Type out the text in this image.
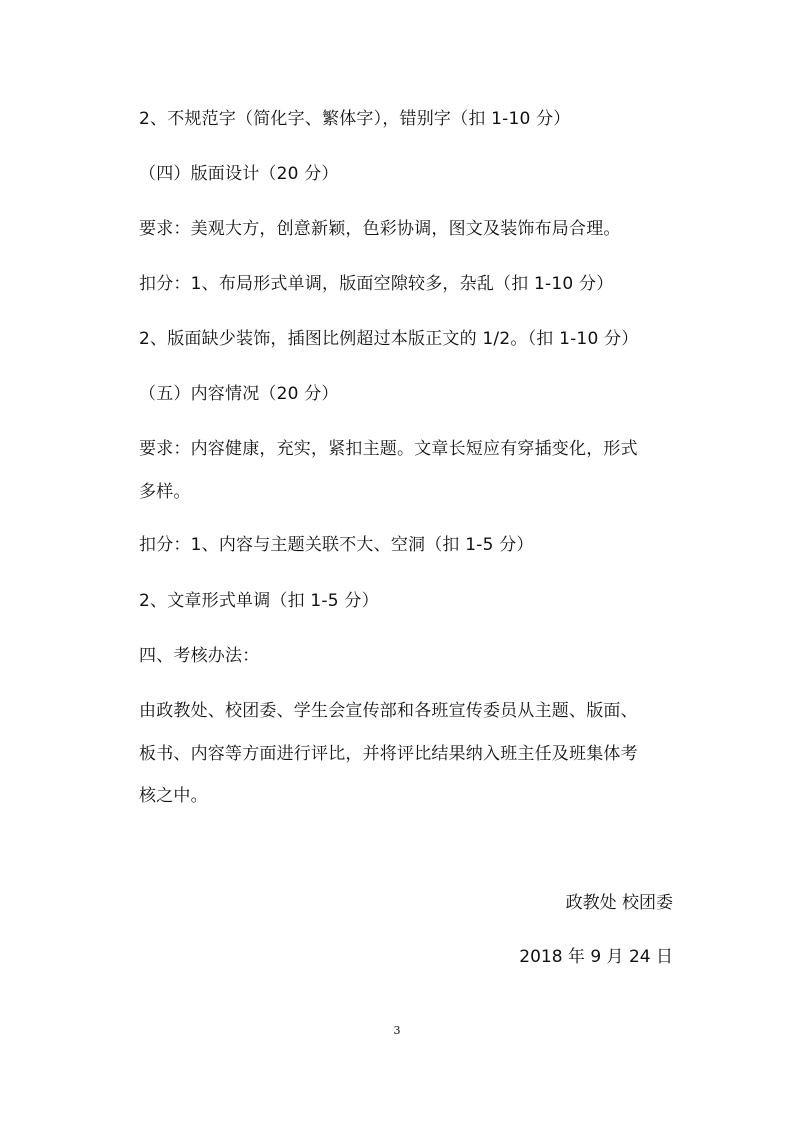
2、不规范字（简化字、繁体字），错别字（扣 1-10 分）
（四）版面设计（20 分）
要求：美观大方，创意新颖，色彩协调，图文及装饰布局合理。
扣分：1、布局形式单调，版面空隙较多，杂乱（扣 1-10 分）
2、版面缺少装饰，插图比例超过本版正文的 1/2。（扣 1-10 分）
（五）内容情况（20 分）
要求：内容健康，充实，紧扣主题。文章长短应有穿插变化，形式
多样。
扣分：1、内容与主题关联不大、空洞（扣 1-5 分）
2、文章形式单调（扣 1-5 分）
四、考核办法：
由政教处、校团委、学生会宣传部和各班宣传委员从主题、版面、
板书、内容等方面进行评比，并将评比结果纳入班主任及班集体考
核之中。
政教处 校团委
2018 年 9 月 24 日
3
